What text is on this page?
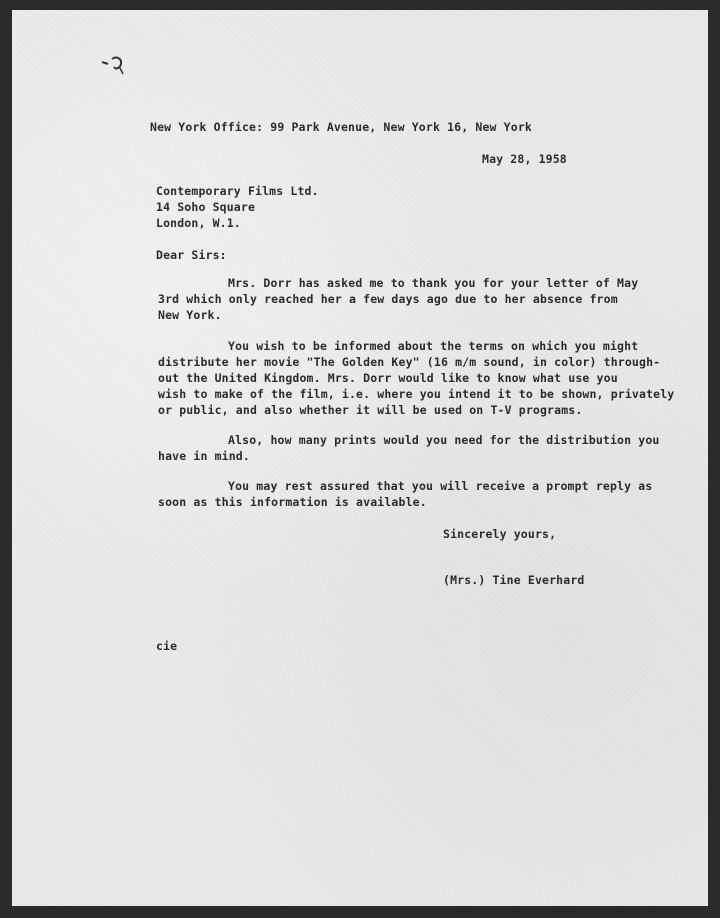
New York Office: 99 Park Avenue, New York 16, New York

May 28, 1958

Contemporary Films Ltd.

14 Soho Square

London, W.1.

Dear Sirs:

Mrs. Dorr has asked me to thank you for your letter of May

3rd which only reached her a few days ago due to her absence from

New York.

You wish to be informed about the terms on which you might

distribute her movie "The Golden Key" (16 m/m sound, in color) through-

out the United Kingdom. Mrs. Dorr would like to know what use you

wish to make of the film, i.e. where you intend it to be shown, privately

or public, and also whether it will be used on T-V programs.

Also, how many prints would you need for the distribution you

have in mind.

You may rest assured that you will receive a prompt reply as

soon as this information is available.

Sincerely yours,

(Mrs.) Tine Everhard

cie
